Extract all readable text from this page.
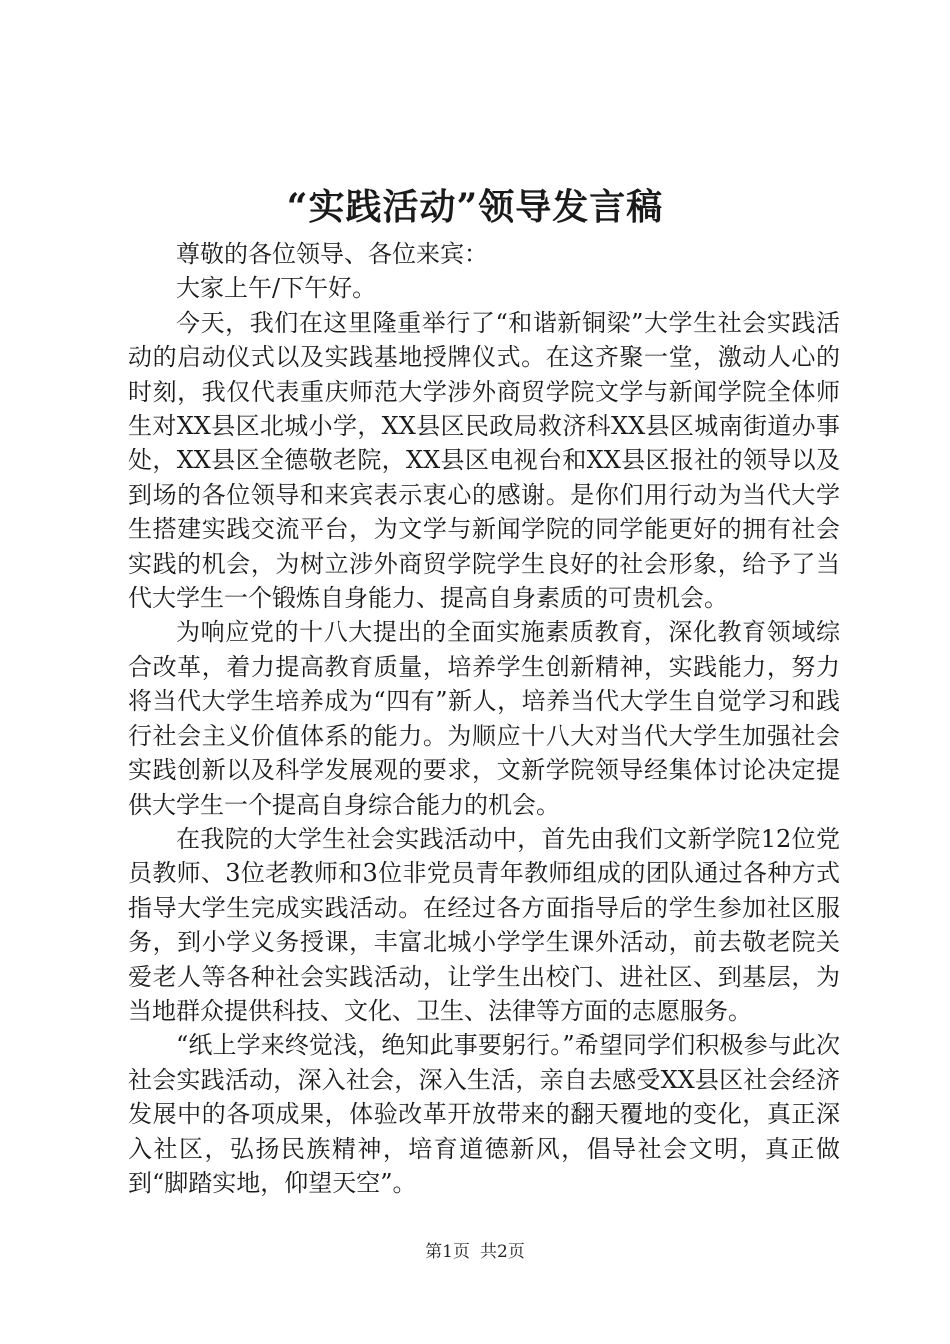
“实践活动”领导发言稿

尊敬的各位领导、各位来宾：

大家上午/下午好。

今天，我们在这里隆重举行了“和谐新铜梁”大学生社会实践活动的启动仪式以及实践基地授牌仪式。在这齐聚一堂，激动人心的时刻，我仅代表重庆师范大学涉外商贸学院文学与新闻学院全体师生对XX县区北城小学，XX县区民政局救济科XX县区城南街道办事处，XX县区全德敬老院，XX县区电视台和XX县区报社的领导以及到场的各位领导和来宾表示衷心的感谢。是你们用行动为当代大学生搭建实践交流平台，为文学与新闻学院的同学能更好的拥有社会实践的机会，为树立涉外商贸学院学生良好的社会形象，给予了当代大学生一个锻炼自身能力、提高自身素质的可贵机会。

为响应党的十八大提出的全面实施素质教育，深化教育领域综合改革，着力提高教育质量，培养学生创新精神，实践能力，努力将当代大学生培养成为“四有”新人，培养当代大学生自觉学习和践行社会主义价值体系的能力。为顺应十八大对当代大学生加强社会实践创新以及科学发展观的要求，文新学院领导经集体讨论决定提供大学生一个提高自身综合能力的机会。

在我院的大学生社会实践活动中，首先由我们文新学院12位党员教师、3位老教师和3位非党员青年教师组成的团队通过各种方式指导大学生完成实践活动。在经过各方面指导后的学生参加社区服务，到小学义务授课，丰富北城小学学生课外活动，前去敬老院关爱老人等各种社会实践活动，让学生出校门、进社区、到基层，为当地群众提供科技、文化、卫生、法律等方面的志愿服务。

“纸上学来终觉浅，绝知此事要躬行。”希望同学们积极参与此次社会实践活动，深入社会，深入生活，亲自去感受XX县区社会经济发展中的各项成果，体验改革开放带来的翻天覆地的变化，真正深入社区，弘扬民族精神，培育道德新风，倡导社会文明，真正做到“脚踏实地，仰望天空”。

第1页 共2页
